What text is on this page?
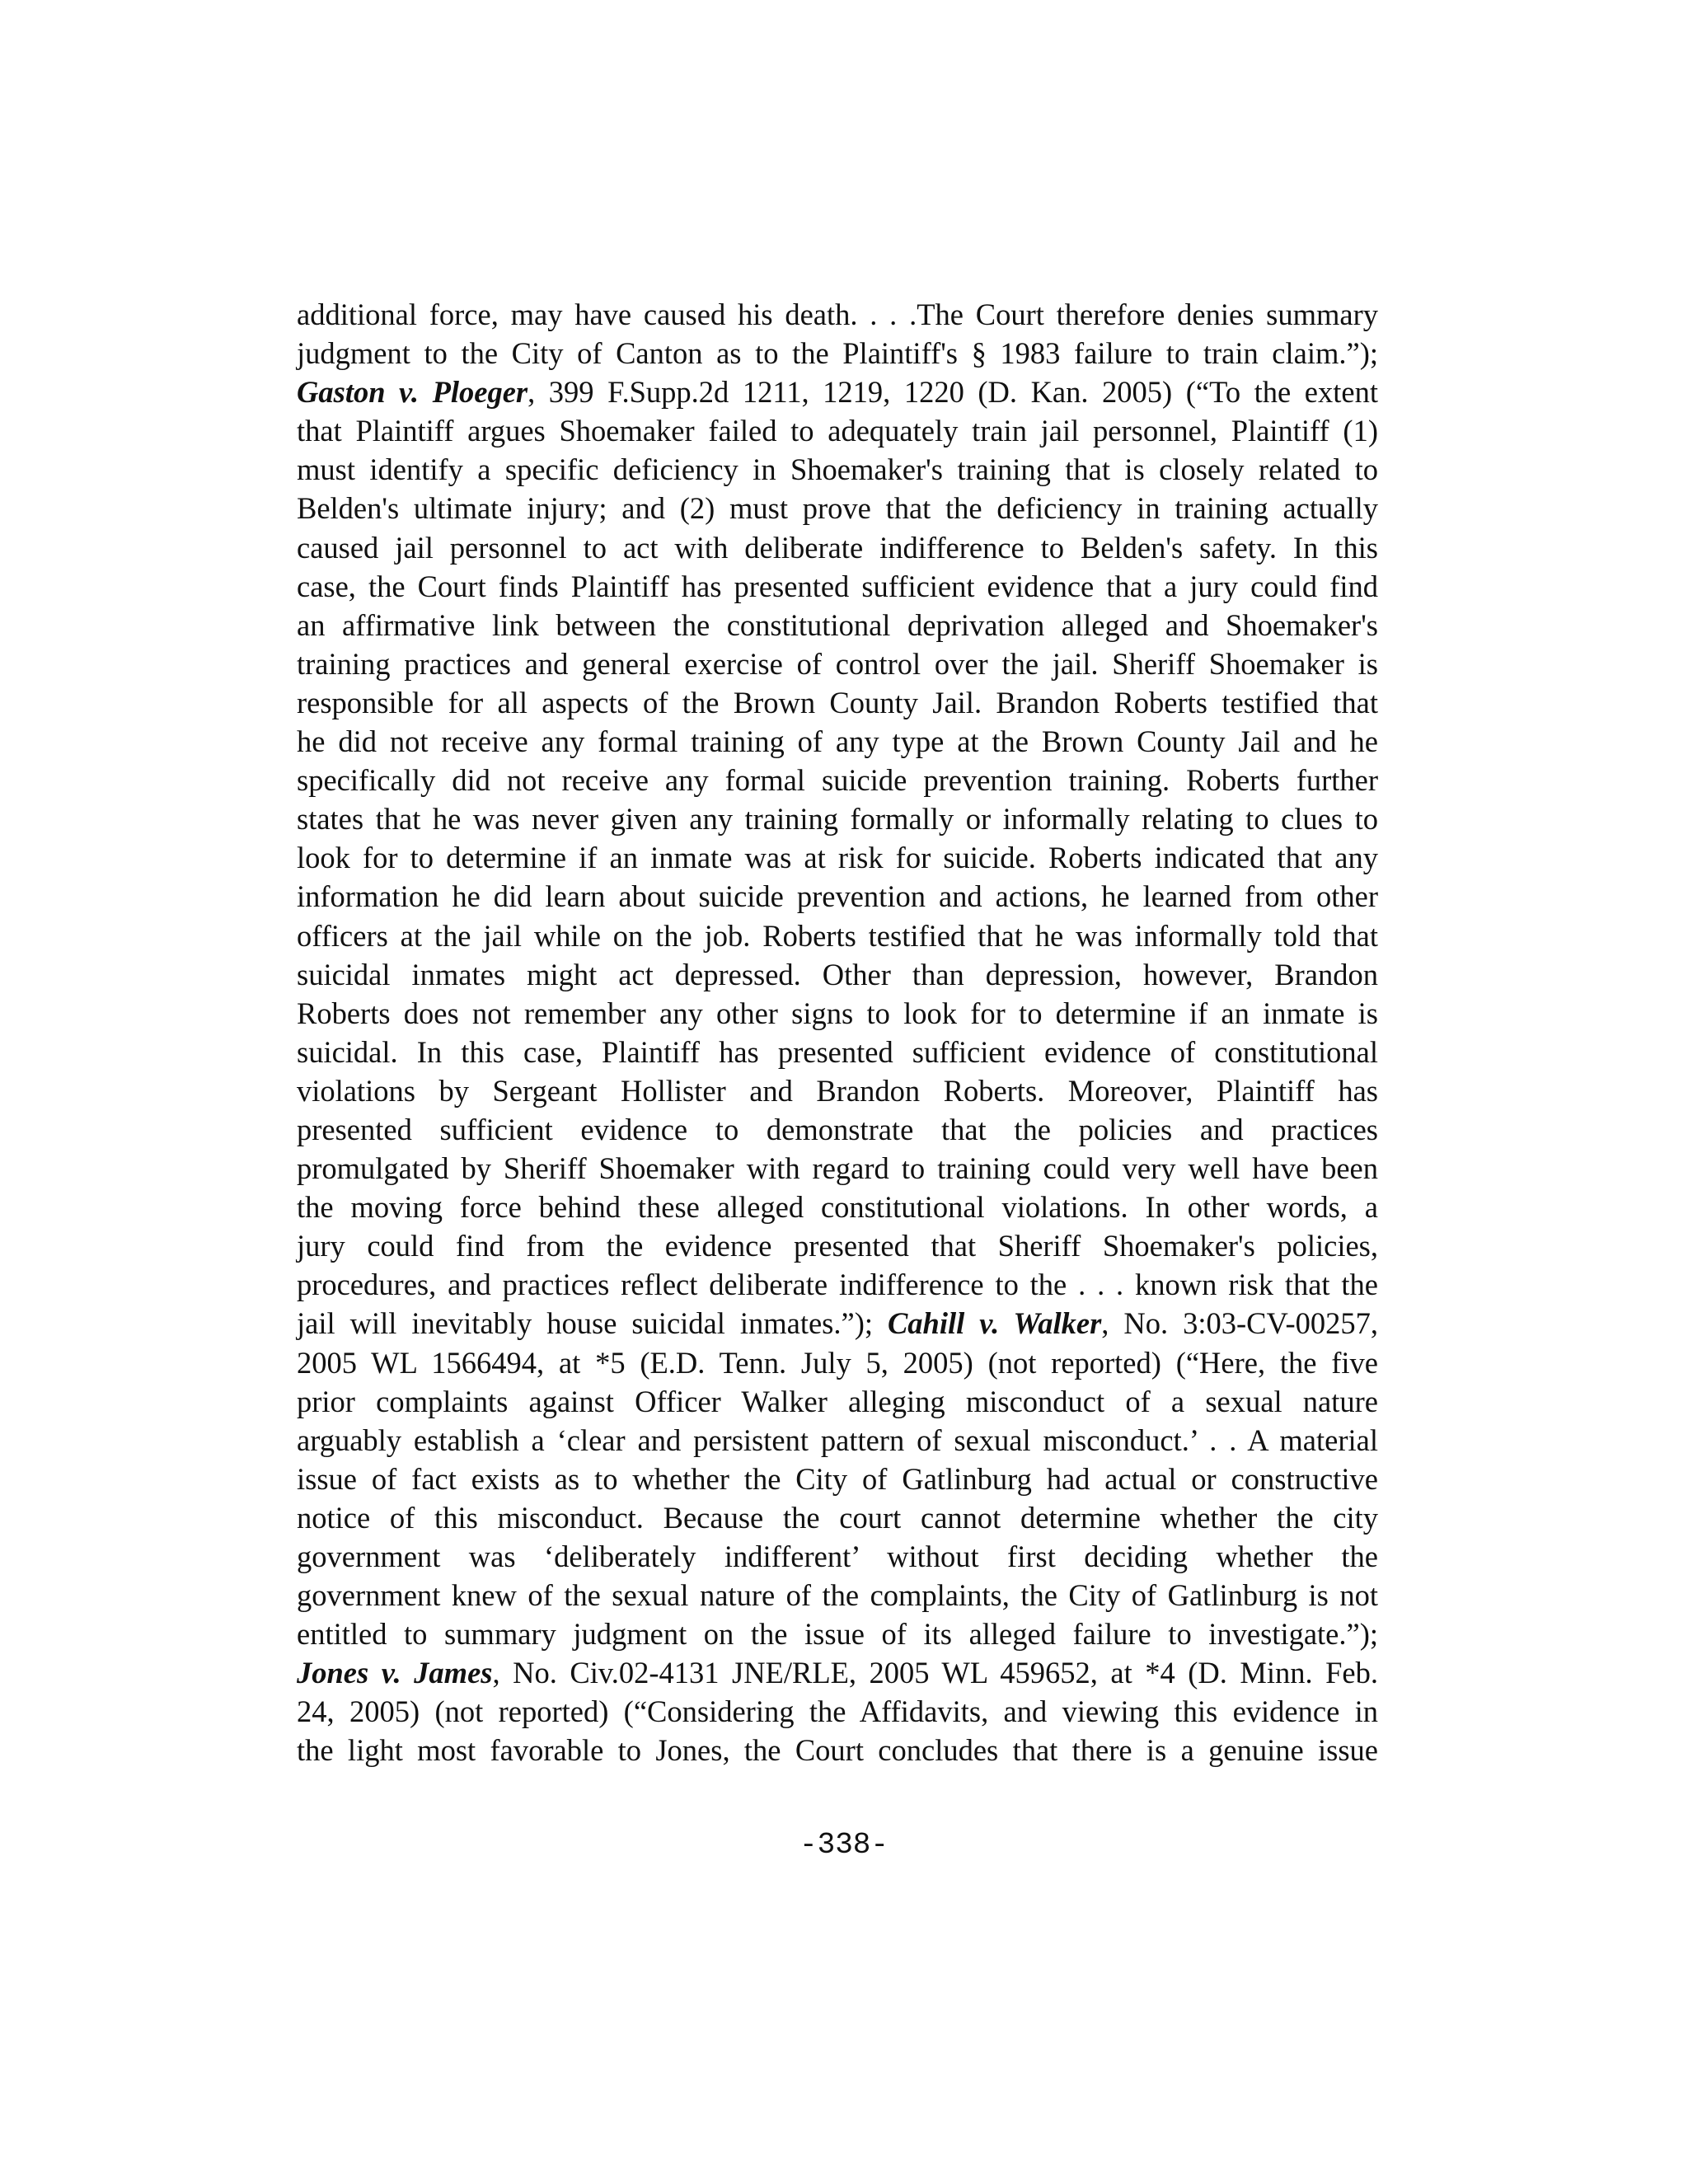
additional force, may have caused his death. . . .The Court therefore denies summary
judgment to the City of Canton as to the Plaintiff's § 1983 failure to train claim.”);
Gaston v. Ploeger, 399 F.Supp.2d 1211, 1219, 1220 (D. Kan. 2005) (“To the extent
that Plaintiff argues Shoemaker failed to adequately train jail personnel, Plaintiff (1)
must identify a specific deficiency in Shoemaker's training that is closely related to
Belden's ultimate injury; and (2) must prove that the deficiency in training actually
caused jail personnel to act with deliberate indifference to Belden's safety. In this
case, the Court finds Plaintiff has presented sufficient evidence that a jury could find
an affirmative link between the constitutional deprivation alleged and Shoemaker's
training practices and general exercise of control over the jail. Sheriff Shoemaker is
responsible for all aspects of the Brown County Jail. Brandon Roberts testified that
he did not receive any formal training of any type at the Brown County Jail and he
specifically did not receive any formal suicide prevention training. Roberts further
states that he was never given any training formally or informally relating to clues to
look for to determine if an inmate was at risk for suicide. Roberts indicated that any
information he did learn about suicide prevention and actions, he learned from other
officers at the jail while on the job. Roberts testified that he was informally told that
suicidal inmates might act depressed. Other than depression, however, Brandon
Roberts does not remember any other signs to look for to determine if an inmate is
suicidal. In this case, Plaintiff has presented sufficient evidence of constitutional
violations by Sergeant Hollister and Brandon Roberts. Moreover, Plaintiff has
presented sufficient evidence to demonstrate that the policies and practices
promulgated by Sheriff Shoemaker with regard to training could very well have been
the moving force behind these alleged constitutional violations. In other words, a
jury could find from the evidence presented that Sheriff Shoemaker's policies,
procedures, and practices reflect deliberate indifference to the . . . known risk that the
jail will inevitably house suicidal inmates.”); Cahill v. Walker, No. 3:03-CV-00257,
2005 WL 1566494, at *5 (E.D. Tenn. July 5, 2005) (not reported) (“Here, the five
prior complaints against Officer Walker alleging misconduct of a sexual nature
arguably establish a ‘clear and persistent pattern of sexual misconduct.’ . . A material
issue of fact exists as to whether the City of Gatlinburg had actual or constructive
notice of this misconduct. Because the court cannot determine whether the city
government was ‘deliberately indifferent’ without first deciding whether the
government knew of the sexual nature of the complaints, the City of Gatlinburg is not
entitled to summary judgment on the issue of its alleged failure to investigate.”);
Jones v. James, No. Civ.02-4131 JNE/RLE, 2005 WL 459652, at *4 (D. Minn. Feb.
24, 2005) (not reported) (“Considering the Affidavits, and viewing this evidence in
the light most favorable to Jones, the Court concludes that there is a genuine issue
-338-
